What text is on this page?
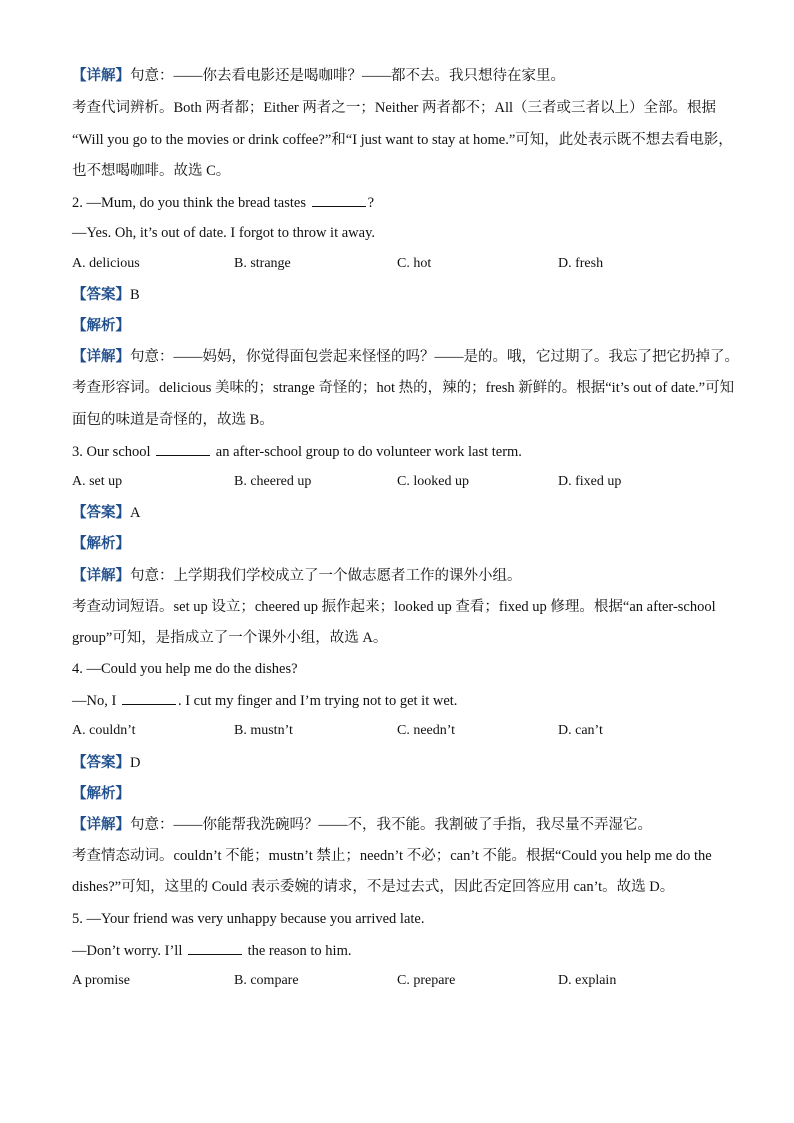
【详解】句意：——你去看电影还是喝咖啡？——都不去。我只想待在家里。
考查代词辨析。Both 两者都；Either 两者之一；Neither 两者都不；All（三者或三者以上）全部。根据
“Will you go to the movies or drink coffee?”和“I just want to stay at home.”可知，此处表示既不想去看电影，
也不想喝咖啡。故选 C。
2. —Mum, do you think the bread tastes	?
—Yes. Oh, it’s out of date. I forgot to throw it away.
A. delicious	B. strange	C. hot	D. fresh
【答案】B
【解析】
【详解】句意：——妈妈，你觉得面包尝起来怪怪的吗？——是的。哦，它过期了。我忘了把它扔掉了。
考查形容词。delicious 美味的；strange 奇怪的；hot 热的，辣的；fresh 新鲜的。根据“it’s out of date.”可知
面包的味道是奇怪的，故选 B。
3. Our school	an after-school group to do volunteer work last term.
A. set up	B. cheered up	C. looked up	D. fixed up
【答案】A
【解析】
【详解】句意：上学期我们学校成立了一个做志愿者工作的课外小组。
考查动词短语。set up 设立；cheered up 振作起来；looked up 查看；fixed up 修理。根据“an after-school
group”可知，是指成立了一个课外小组，故选 A。
4. —Could you help me do the dishes?
—No, I	. I cut my finger and I’m trying not to get it wet.
A. couldn’t	B. mustn’t	C. needn’t	D. can’t
【答案】D
【解析】
【详解】句意：——你能帮我洗碗吗？——不，我不能。我割破了手指，我尽量不弄湿它。
考查情态动词。couldn’t 不能；mustn’t 禁止；needn’t 不必；can’t 不能。根据“Could you help me do the
dishes?”可知，这里的 Could 表示委婉的请求，不是过去式，因此否定回答应用 can’t。故选 D。
5. —Your friend was very unhappy because you arrived late.
—Don’t worry. I’ll	the reason to him.
A promise	B. compare	C. prepare	D. explain
